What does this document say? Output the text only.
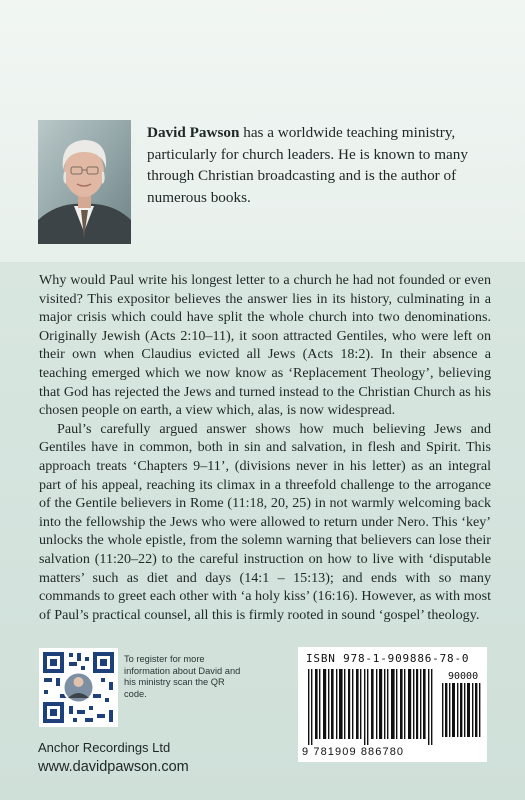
David Pawson has a worldwide teaching ministry, particularly for church leaders. He is known to many through Christian broadcasting and is the author of numerous books.

Why would Paul write his longest letter to a church he had not founded or even visited? This expositor believes the answer lies in its history, culminating in a major crisis which could have split the whole church into two denominations. Originally Jewish (Acts 2:10–11), it soon attracted Gentiles, who were left on their own when Claudius evicted all Jews (Acts 18:2). In their absence a teaching emerged which we now know as ‘Replacement Theology’, believing that God has rejected the Jews and turned instead to the Christian Church as his chosen people on earth, a view which, alas, is now widespread.

Paul’s carefully argued answer shows how much believing Jews and Gentiles have in common, both in sin and salvation, in flesh and Spirit. This approach treats ‘Chapters 9–11’, (divisions never in his letter) as an integral part of his appeal, reaching its climax in a threefold challenge to the arrogance of the Gentile believers in Rome (11:18, 20, 25) in not warmly welcoming back into the fellowship the Jews who were allowed to return under Nero. This ‘key’ unlocks the whole epistle, from the solemn warning that believers can lose their salvation (11:20–22) to the careful instruction on how to live with ‘disputable matters’ such as diet and days (14:1 – 15:13); and ends with so many commands to greet each other with ‘a holy kiss’ (16:16). However, as with most of Paul’s practical counsel, all this is firmly rooted in sound ‘gospel’ theology.

To register for more information about David and his ministry scan the QR code.
Anchor Recordings Ltd
www.davidpawson.com
ISBN 978-1-909886-78-0
90000
9 781909 886780
